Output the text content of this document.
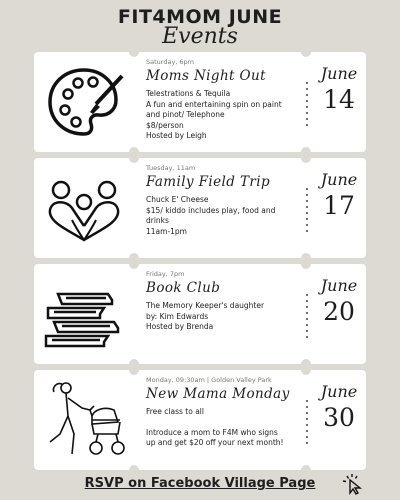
FIT4MOM JUNE
Events
Saturday, 6pm
Moms Night Out
Telestrations & Tequila
A fun and entertaining spin on paint
and pinot/ Telephone
$8/person
Hosted by Leigh
June
14
Tuesday, 11am
Family Field Trip
Chuck E' Cheese
$15/ kiddo includes play, food and
drinks
11am-1pm
June
17
Friday, 7pm
Book Club
The Memory Keeper's daughter
by: Kim Edwards
Hosted by Brenda
June
20
Monday, 09:30am | Golden Valley Park
New Mama Monday
Free class to all
Introduce a mom to F4M who signs
up and get $20 off your next month!
June
30
RSVP on Facebook Village Page
